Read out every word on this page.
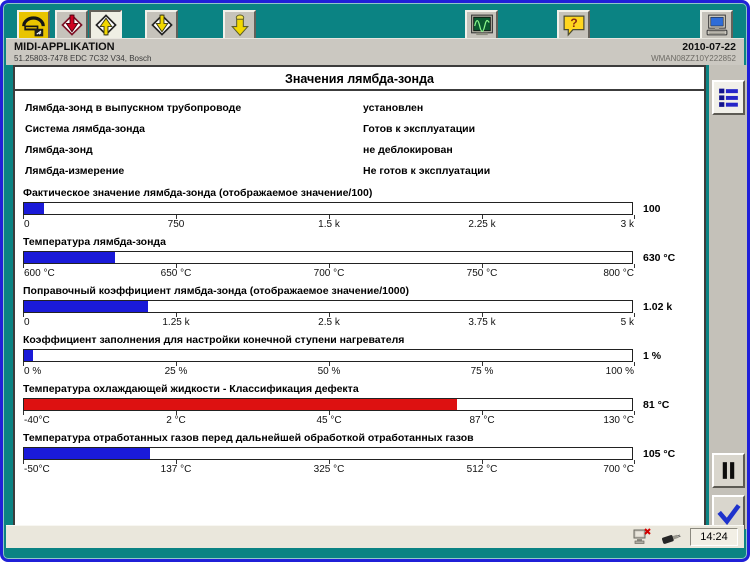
?
MIDI-APPLIKATION
51.25803-7478 EDC 7C32 V34, Bosch
2010-07-22
WMAN08ZZ10Y222852
Значения лямбда-зонда
Лямбда-зонд в выпускном трубопроводе	установлен
Система лямбда-зонда	Готов к эксплуатации
Лямбда-зонд	не деблокирован
Лямбда-измерение	Не готов к эксплуатации
Фактическое значение лямбда-зонда (отображаемое значение/100)
100
0	750	1.5 k	2.25 k	3 k
Температура лямбда-зонда
630 °C
600 °C	650 °C	700 °C	750 °C	800 °C
Поправочный коэффициент лямбда-зонда (отображаемое значение/1000)
1.02 k
0	1.25 k	2.5 k	3.75 k	5 k
Коэффициент заполнения для настройки конечной ступени нагревателя
1 %
0 %	25 %	50 %	75 %	100 %
Температура охлаждающей жидкости - Классификация дефекта
81 °C
-40°C	2 °C	45 °C	87 °C	130 °C
Температура отработанных газов перед дальнейшей обработкой отработанных газов
105 °C
-50°C	137 °C	325 °C	512 °C	700 °C
14:24
